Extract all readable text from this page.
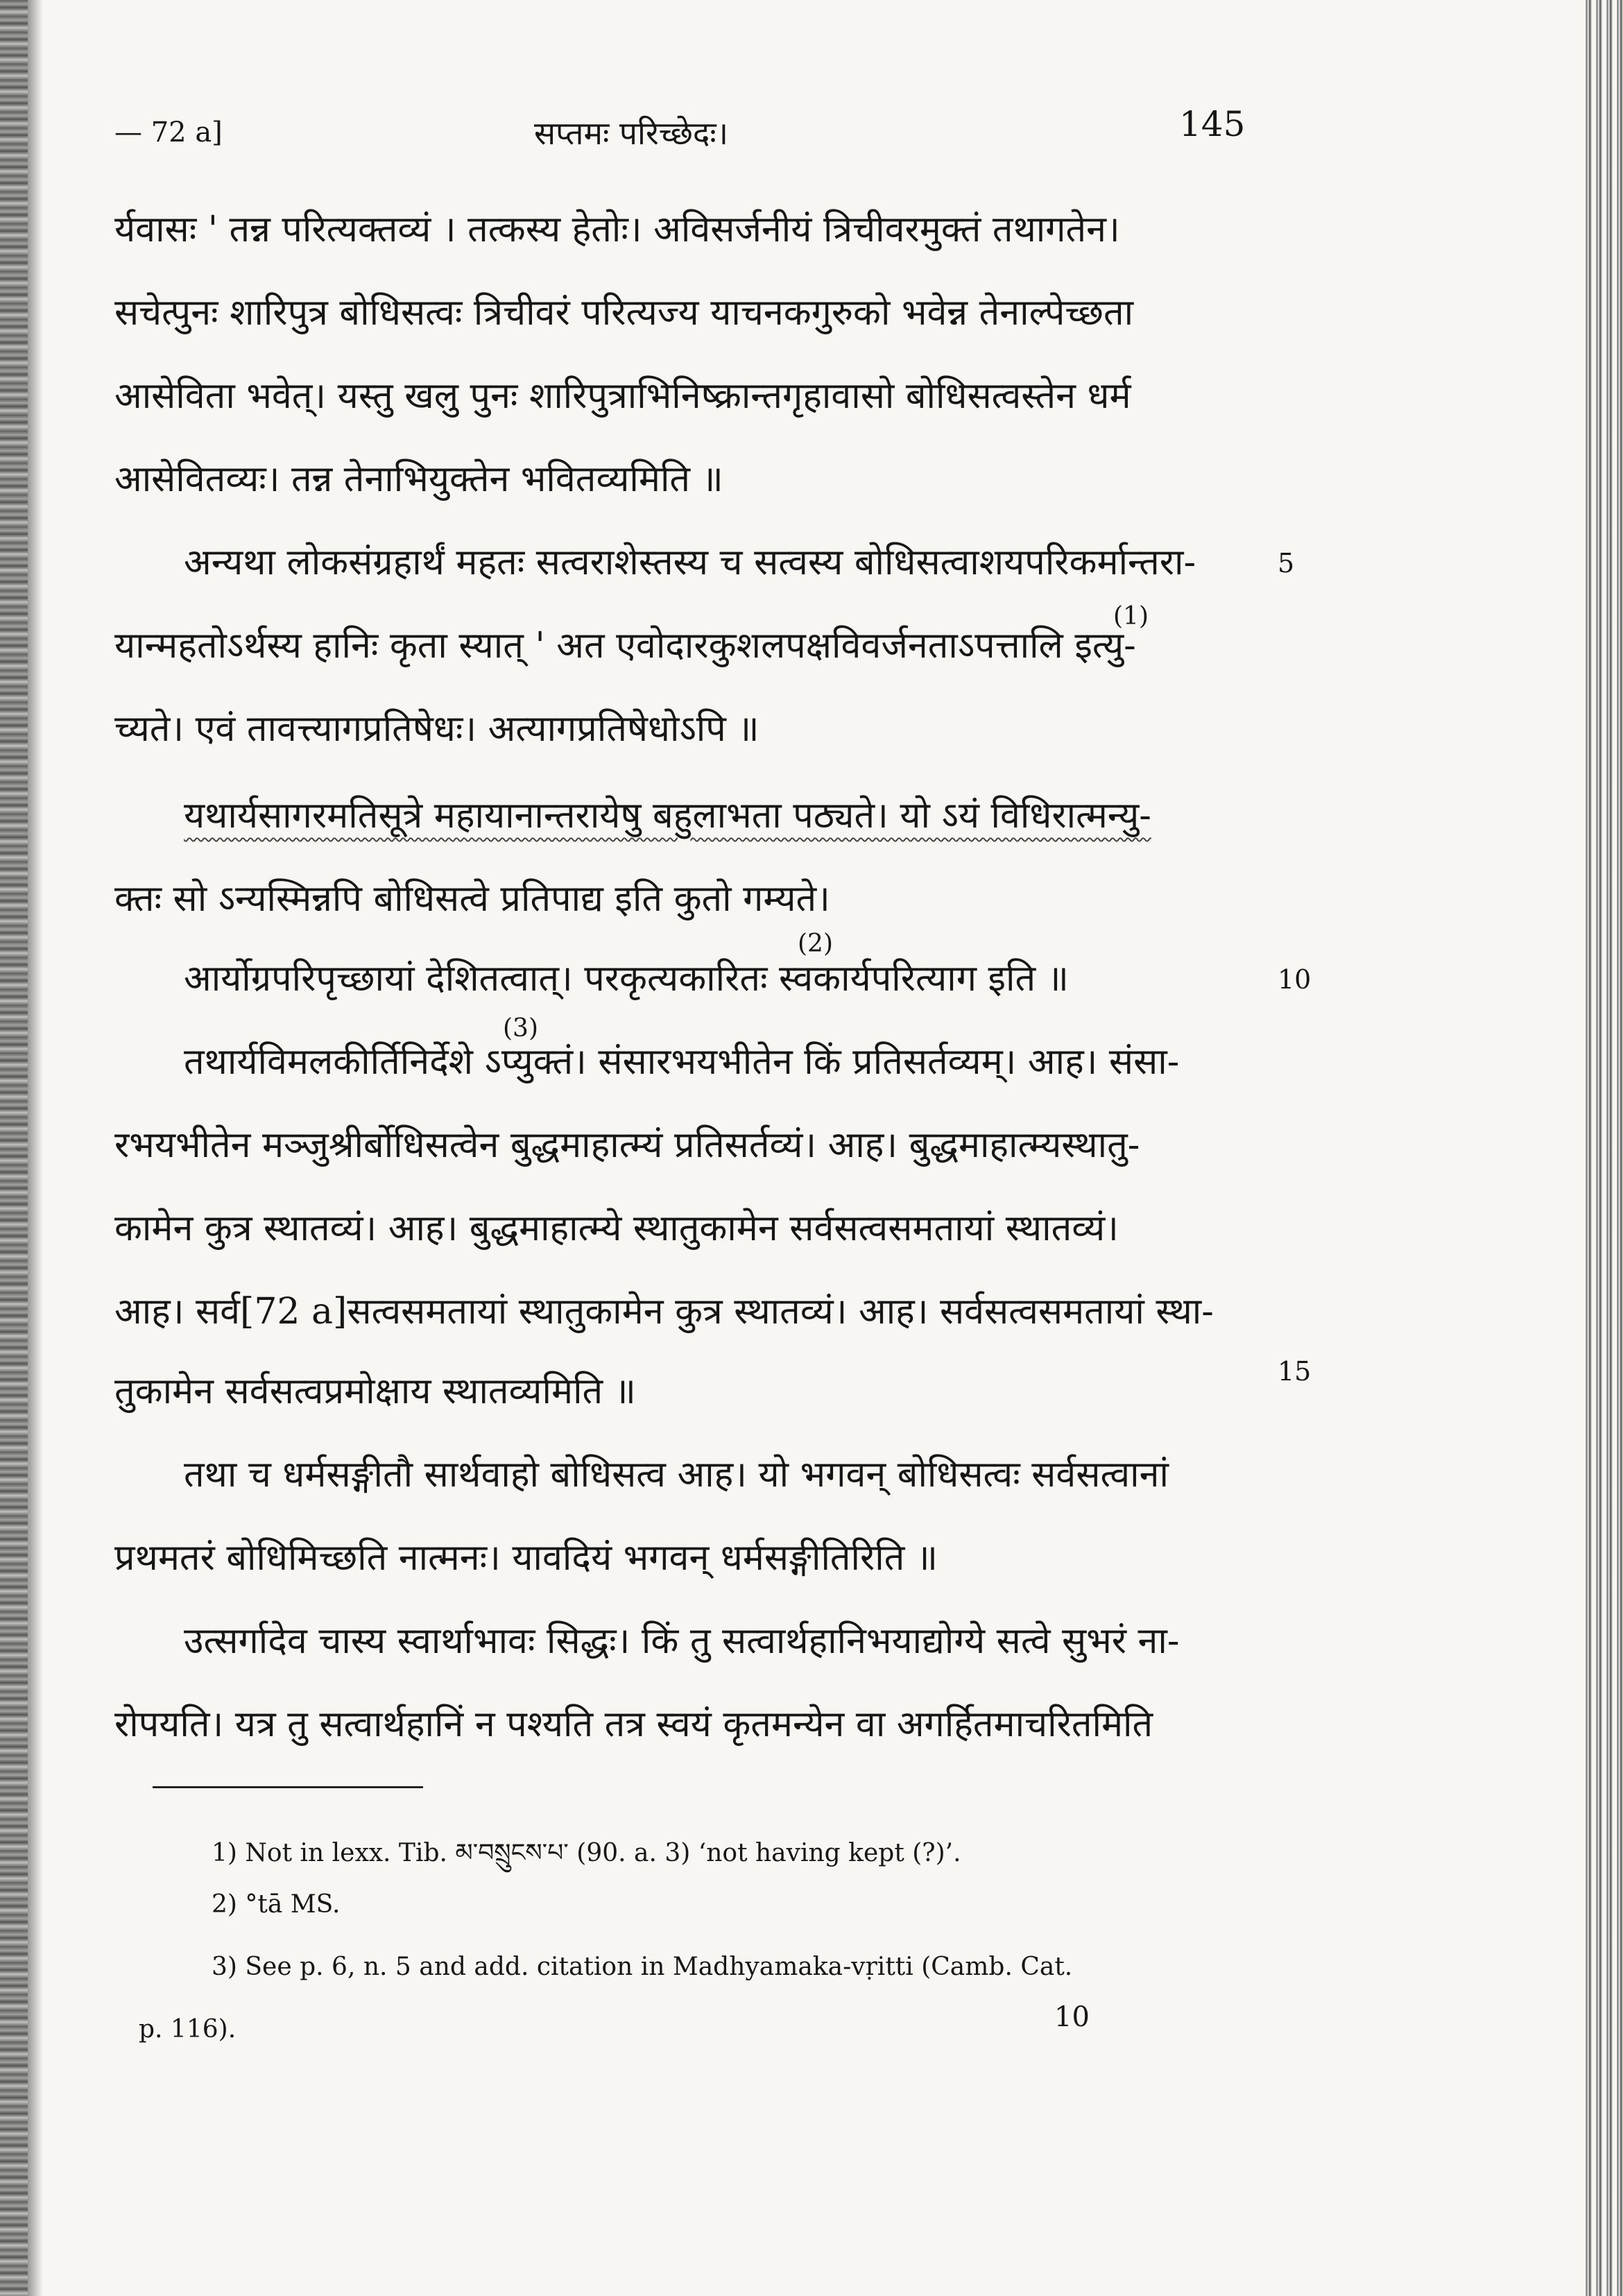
— 72 a]	सप्तमः परिच्छेदः।	145
र्यवासः ' तन्न परित्यक्तव्यं । तत्कस्य हेतोः। अविसर्जनीयं त्रिचीवरमुक्तं तथागतेन।
सचेत्पुनः शारिपुत्र बोधिसत्वः त्रिचीवरं परित्यज्य याचनकगुरुको भवेन्न तेनाल्पेच्छता
आसेविता भवेत्। यस्तु खलु पुनः शारिपुत्राभिनिष्क्रान्तगृहावासो बोधिसत्वस्तेन धर्म
आसेवितव्यः। तन्न तेनाभियुक्तेन भवितव्यमिति ॥
अन्यथा लोकसंग्रहार्थं महतः सत्वराशेस्तस्य च सत्वस्य बोधिसत्वाशयपरिकर्मान्तरा-	5
यान्महतोऽर्थस्य हानिः कृता स्यात् ' अत एवोदारकुशलपक्षविवर्जनताऽपत्तालि इत्यु-
(1)
च्यते। एवं तावत्त्यागप्रतिषेधः। अत्यागप्रतिषेधोऽपि ॥
यथार्यसागरमतिसूत्रे महायानान्तरायेषु बहुलाभता पठ्यते। यो ऽयं विधिरात्मन्यु-
क्तः सो ऽन्यस्मिन्नपि बोधिसत्वे प्रतिपाद्य इति कुतो गम्यते।
आर्योग्रपरिपृच्छायां देशितत्वात्। परकृत्यकारितः स्वकार्यपरित्याग इति ॥
(2)
10
तथार्यविमलकीर्तिनिर्देशे ऽप्युक्तं। संसारभयभीतेन किं प्रतिसर्तव्यम्। आह। संसा-
(3)
रभयभीतेन मञ्जुश्रीर्बोधिसत्वेन बुद्धमाहात्म्यं प्रतिसर्तव्यं। आह। बुद्धमाहात्म्यस्थातु-
कामेन कुत्र स्थातव्यं। आह। बुद्धमाहात्म्ये स्थातुकामेन सर्वसत्वसमतायां स्थातव्यं।
आह। सर्व[72 a]सत्वसमतायां स्थातुकामेन कुत्र स्थातव्यं। आह। सर्वसत्वसमतायां स्था-
तुकामेन सर्वसत्वप्रमोक्षाय स्थातव्यमिति ॥	15
तथा च धर्मसङ्गीतौ सार्थवाहो बोधिसत्व आह। यो भगवन् बोधिसत्वः सर्वसत्वानां
प्रथमतरं बोधिमिच्छति नात्मनः। यावदियं भगवन् धर्मसङ्गीतिरिति ॥
उत्सर्गादेव चास्य स्वार्थाभावः सिद्धः। किं तु सत्वार्थहानिभयाद्योग्ये सत्वे सुभरं ना-
रोपयति। यत्र तु सत्वार्थहानिं न पश्यति तत्र स्वयं कृतमन्येन वा अगर्हितमाचरितमिति
1) Not in lexx. Tib. མ་བསྲུངས་པ་ (90. a. 3) ‘not having kept (?)’.
2) °tā MS.
3) See p. 6, n. 5 and add. citation in Madhyamaka-vṛitti (Camb. Cat.
p. 116).	10
